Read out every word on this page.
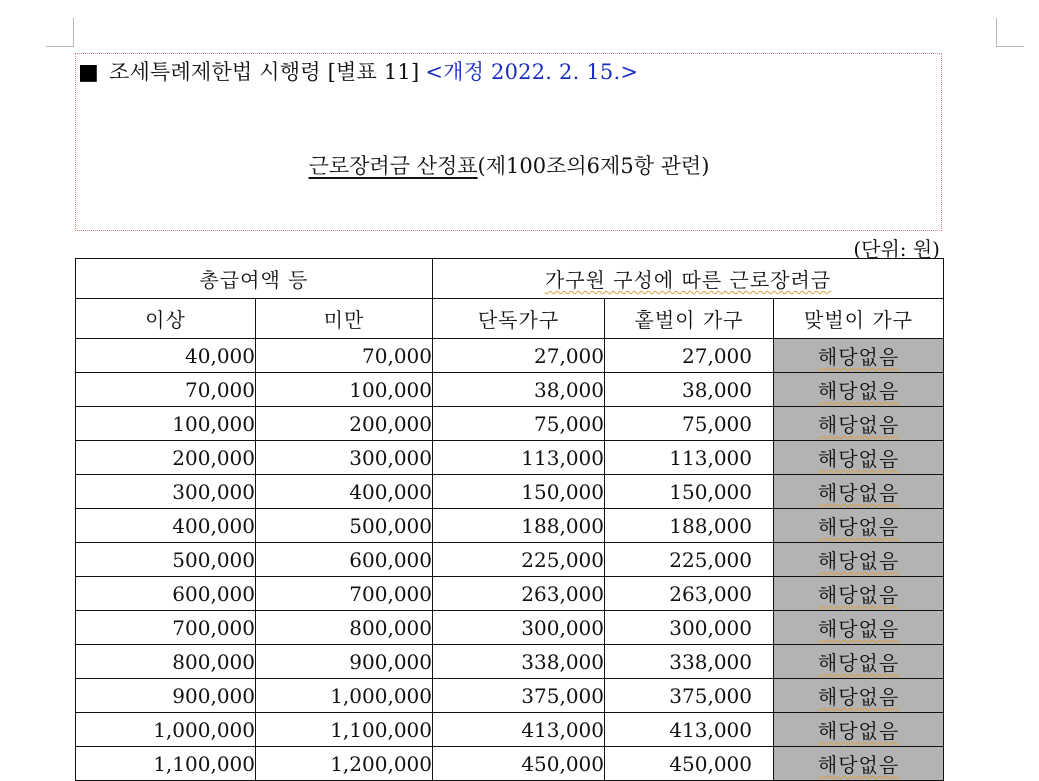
■ 조세특례제한법 시행령 [별표 11] <개정 2022. 2. 15.>
근로장려금 산정표(제100조의6제5항 관련)
(단위: 원)
총급여액 등		가구원 구성에 따른 근로장려금		
이상	미만	단독가구	홑벌이 가구	맞벌이 가구
40,000	70,000	27,000	27,000	해당없음
70,000	100,000	38,000	38,000	해당없음
100,000	200,000	75,000	75,000	해당없음
200,000	300,000	113,000	113,000	해당없음
300,000	400,000	150,000	150,000	해당없음
400,000	500,000	188,000	188,000	해당없음
500,000	600,000	225,000	225,000	해당없음
600,000	700,000	263,000	263,000	해당없음
700,000	800,000	300,000	300,000	해당없음
800,000	900,000	338,000	338,000	해당없음
900,000	1,000,000	375,000	375,000	해당없음
1,000,000	1,100,000	413,000	413,000	해당없음
1,100,000	1,200,000	450,000	450,000	해당없음
